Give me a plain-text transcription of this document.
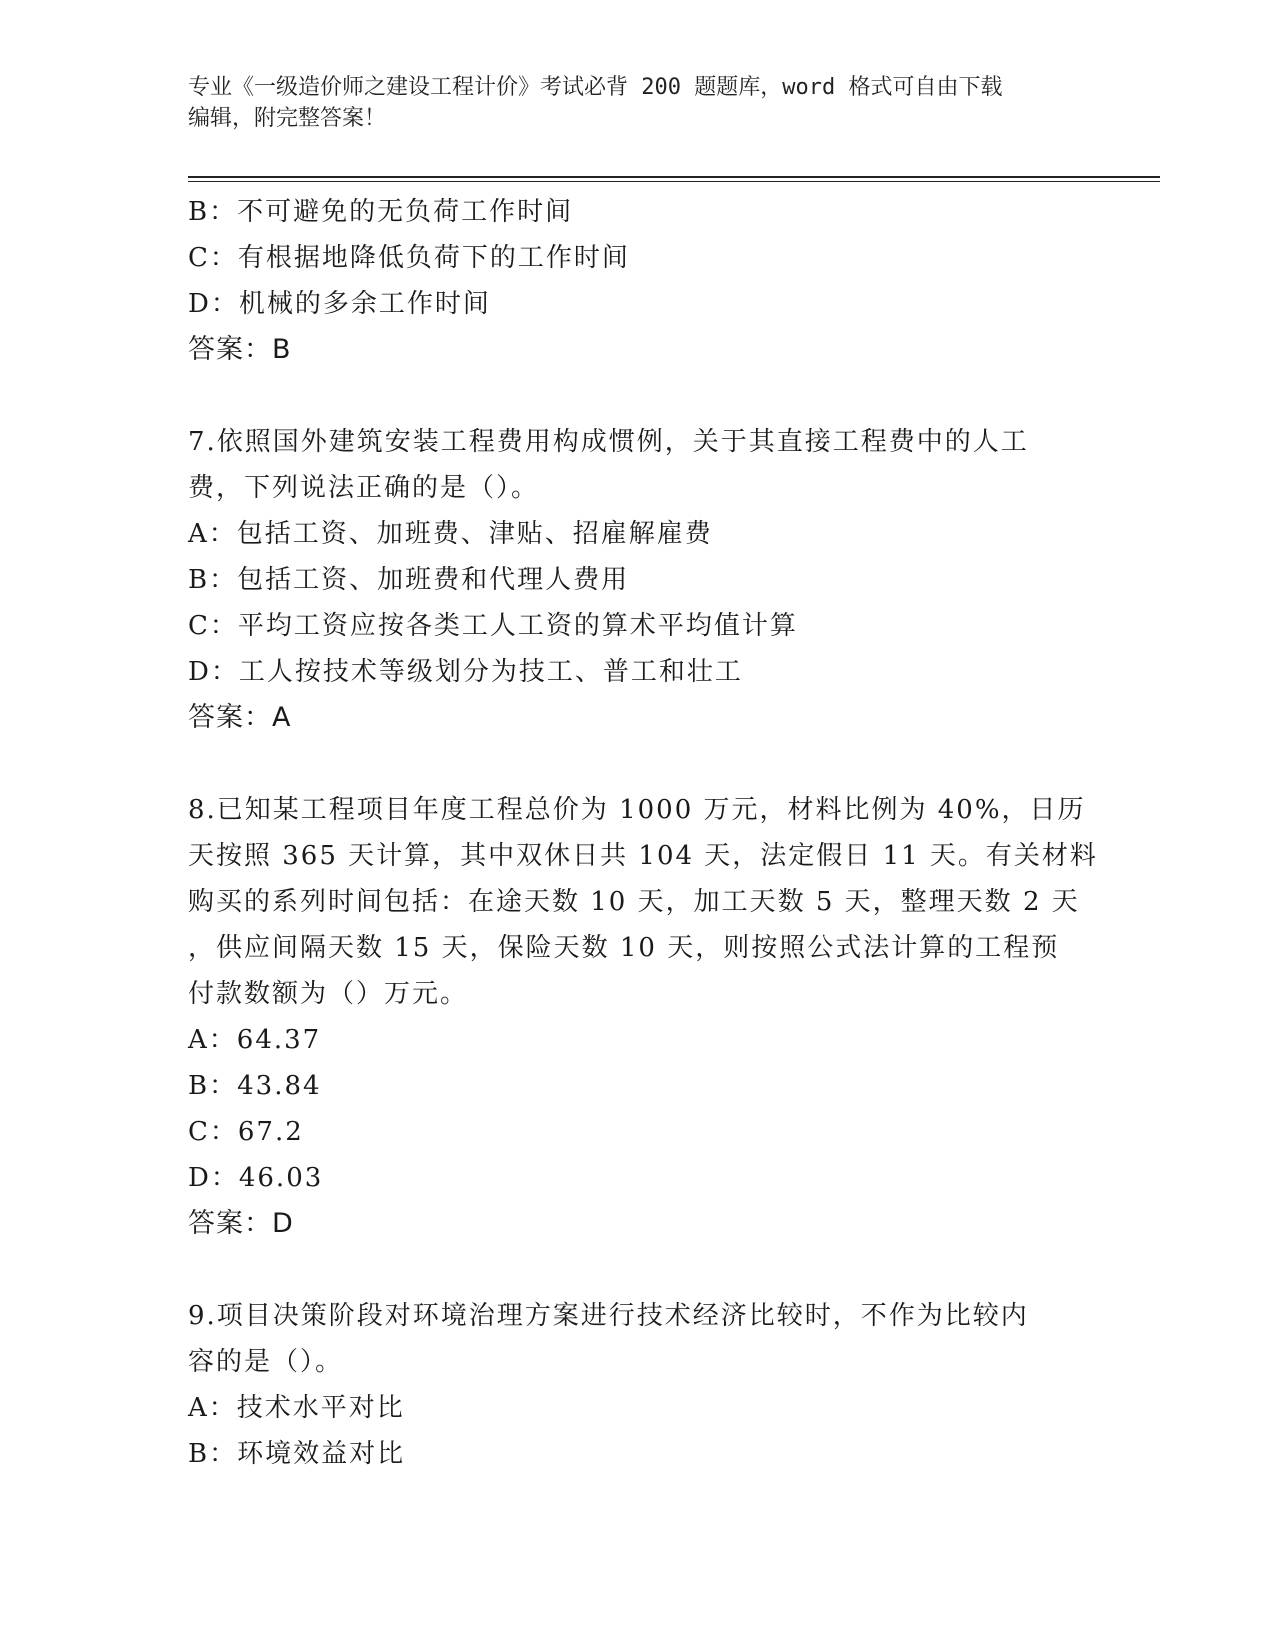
专业《一级造价师之建设工程计价》考试必背 200 题题库，word 格式可自由下载
编辑，附完整答案！
B：不可避免的无负荷工作时间
C：有根据地降低负荷下的工作时间
D：机械的多余工作时间
答案：B
7.依照国外建筑安装工程费用构成惯例，关于其直接工程费中的人工
费，下列说法正确的是（）。
A：包括工资、加班费、津贴、招雇解雇费
B：包括工资、加班费和代理人费用
C：平均工资应按各类工人工资的算术平均值计算
D：工人按技术等级划分为技工、普工和壮工
答案：A
8.已知某工程项目年度工程总价为 1000 万元，材料比例为 40%，日历
天按照 365 天计算，其中双休日共 104 天，法定假日 11 天。有关材料
购买的系列时间包括：在途天数 10 天，加工天数 5 天，整理天数 2 天
，供应间隔天数 15 天，保险天数 10 天，则按照公式法计算的工程预
付款数额为（）万元。
A：64.37
B：43.84
C：67.2
D：46.03
答案：D
9.项目决策阶段对环境治理方案进行技术经济比较时，不作为比较内
容的是（）。
A：技术水平对比
B：环境效益对比
